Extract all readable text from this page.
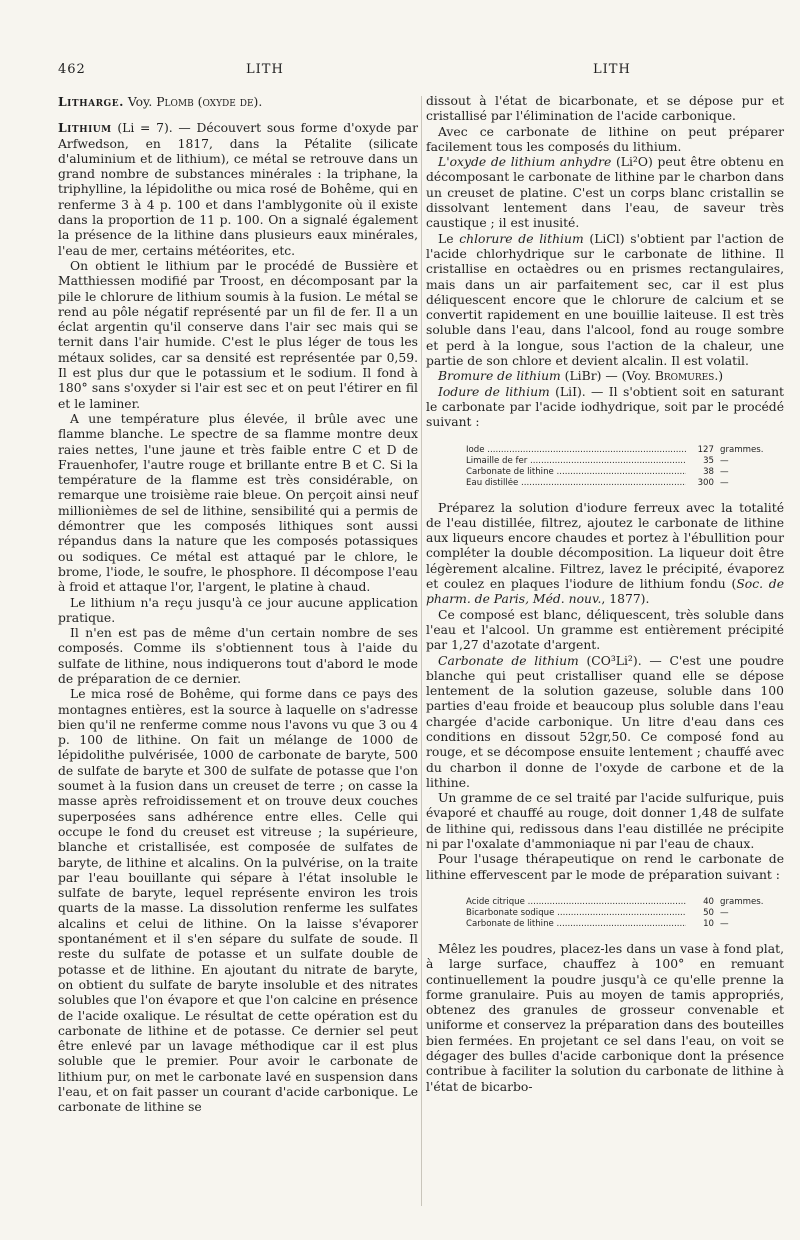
462	LITH	LITH

Litharge. Voy. Plomb (oxyde de).

Lithium (Li = 7). — Découvert sous forme d'oxyde par Arfwedson, en 1817, dans la Pétalite (silicate d'aluminium et de lithium), ce métal se retrouve dans un grand nombre de substances minérales : la triphane, la triphylline, la lépidolithe ou mica rosé de Bohême, qui en renferme 3 à 4 p. 100 et dans l'amblygonite où il existe dans la proportion de 11 p. 100. On a signalé également la présence de la lithine dans plusieurs eaux minérales, l'eau de mer, certains météorites, etc.

On obtient le lithium par le procédé de Bussière et Matthiessen modifié par Troost, en décomposant par la pile le chlorure de lithium soumis à la fusion. Le métal se rend au pôle négatif représenté par un fil de fer. Il a un éclat argentin qu'il conserve dans l'air sec mais qui se ternit dans l'air humide. C'est le plus léger de tous les métaux solides, car sa densité est représentée par 0,59. Il est plus dur que le potassium et le sodium. Il fond à 180° sans s'oxyder si l'air est sec et on peut l'étirer en fil et le laminer.

A une température plus élevée, il brûle avec une flamme blanche. Le spectre de sa flamme montre deux raies nettes, l'une jaune et très faible entre C et D de Frauenhofer, l'autre rouge et brillante entre B et C. Si la température de la flamme est très considérable, on remarque une troisième raie bleue. On perçoit ainsi neuf millionièmes de sel de lithine, sensibilité qui a permis de démontrer que les composés lithiques sont aussi répandus dans la nature que les composés potassiques ou sodiques. Ce métal est attaqué par le chlore, le brome, l'iode, le soufre, le phosphore. Il décompose l'eau à froid et attaque l'or, l'argent, le platine à chaud.

Le lithium n'a reçu jusqu'à ce jour aucune application pratique.

Il n'en est pas de même d'un certain nombre de ses composés. Comme ils s'obtiennent tous à l'aide du sulfate de lithine, nous indiquerons tout d'abord le mode de préparation de ce dernier.

Le mica rosé de Bohême, qui forme dans ce pays des montagnes entières, est la source à laquelle on s'adresse bien qu'il ne renferme comme nous l'avons vu que 3 ou 4 p. 100 de lithine. On fait un mélange de 1000 de lépidolithe pulvérisée, 1000 de carbonate de baryte, 500 de sulfate de baryte et 300 de sulfate de potasse que l'on soumet à la fusion dans un creuset de terre ; on casse la masse après refroidissement et on trouve deux couches superposées sans adhérence entre elles. Celle qui occupe le fond du creuset est vitreuse ; la supérieure, blanche et cristallisée, est composée de sulfates de baryte, de lithine et alcalins. On la pulvérise, on la traite par l'eau bouillante qui sépare à l'état insoluble le sulfate de baryte, lequel représente environ les trois quarts de la masse. La dissolution renferme les sulfates alcalins et celui de lithine. On la laisse s'évaporer spontanément et il s'en sépare du sulfate de soude. Il reste du sulfate de potasse et un sulfate double de potasse et de lithine. En ajoutant du nitrate de baryte, on obtient du sulfate de baryte insoluble et des nitrates solubles que l'on évapore et que l'on calcine en présence de l'acide oxalique. Le résultat de cette opération est du carbonate de lithine et de potasse. Ce dernier sel peut être enlevé par un lavage méthodique car il est plus soluble que le premier. Pour avoir le carbonate de lithium pur, on met le carbonate lavé en suspension dans l'eau, et on fait passer un courant d'acide carbonique. Le carbonate de lithine se

dissout à l'état de bicarbonate, et se dépose pur et cristallisé par l'élimination de l'acide carbonique.

Avec ce carbonate de lithine on peut préparer facilement tous les composés du lithium.

L'oxyde de lithium anhydre (Li²O) peut être obtenu en décomposant le carbonate de lithine par le charbon dans un creuset de platine. C'est un corps blanc cristallin se dissolvant lentement dans l'eau, de saveur très caustique ; il est inusité.

Le chlorure de lithium (LiCl) s'obtient par l'action de l'acide chlorhydrique sur le carbonate de lithine. Il cristallise en octaèdres ou en prismes rectangulaires, mais dans un air parfaitement sec, car il est plus déliquescent encore que le chlorure de calcium et se convertit rapidement en une bouillie laiteuse. Il est très soluble dans l'eau, dans l'alcool, fond au rouge sombre et perd à la longue, sous l'action de la chaleur, une partie de son chlore et devient alcalin. Il est volatil.

Bromure de lithium (LiBr) — (Voy. Bromures.)

Iodure de lithium (LiI). — Il s'obtient soit en saturant le carbonate par l'acide iodhydrique, soit par le procédé suivant :

Iode .....	127 grammes.
Limaille de fer .....	35 —
Carbonate de lithine .....	38 —
Eau distillée .....	300 —

Préparez la solution d'iodure ferreux avec la totalité de l'eau distillée, filtrez, ajoutez le carbonate de lithine aux liqueurs encore chaudes et portez à l'ébullition pour compléter la double décomposition. La liqueur doit être légèrement alcaline. Filtrez, lavez le précipité, évaporez et coulez en plaques l'iodure de lithium fondu (Soc. de pharm. de Paris, Méd. nouv., 1877).

Ce composé est blanc, déliquescent, très soluble dans l'eau et l'alcool. Un gramme est entièrement précipité par 1,27 d'azotate d'argent.

Carbonate de lithium (CO³Li²). — C'est une poudre blanche qui peut cristalliser quand elle se dépose lentement de la solution gazeuse, soluble dans 100 parties d'eau froide et beaucoup plus soluble dans l'eau chargée d'acide carbonique. Un litre d'eau dans ces conditions en dissout 52gr,50. Ce composé fond au rouge, et se décompose ensuite lentement ; chauffé avec du charbon il donne de l'oxyde de carbone et de la lithine.

Un gramme de ce sel traité par l'acide sulfurique, puis évaporé et chauffé au rouge, doit donner 1,48 de sulfate de lithine qui, redissous dans l'eau distillée ne précipite ni par l'oxalate d'ammoniaque ni par l'eau de chaux.

Pour l'usage thérapeutique on rend le carbonate de lithine effervescent par le mode de préparation suivant :

Acide citrique .....	40 grammes.
Bicarbonate sodique .....	50 —
Carbonate de lithine .....	10 —

Mêlez les poudres, placez-les dans un vase à fond plat, à large surface, chauffez à 100° en remuant continuellement la poudre jusqu'à ce qu'elle prenne la forme granulaire. Puis au moyen de tamis appropriés, obtenez des granules de grosseur convenable et uniforme et conservez la préparation dans des bouteilles bien fermées. En projetant ce sel dans l'eau, on voit se dégager des bulles d'acide carbonique dont la présence contribue à faciliter la solution du carbonate de lithine à l'état de bicarbo-
